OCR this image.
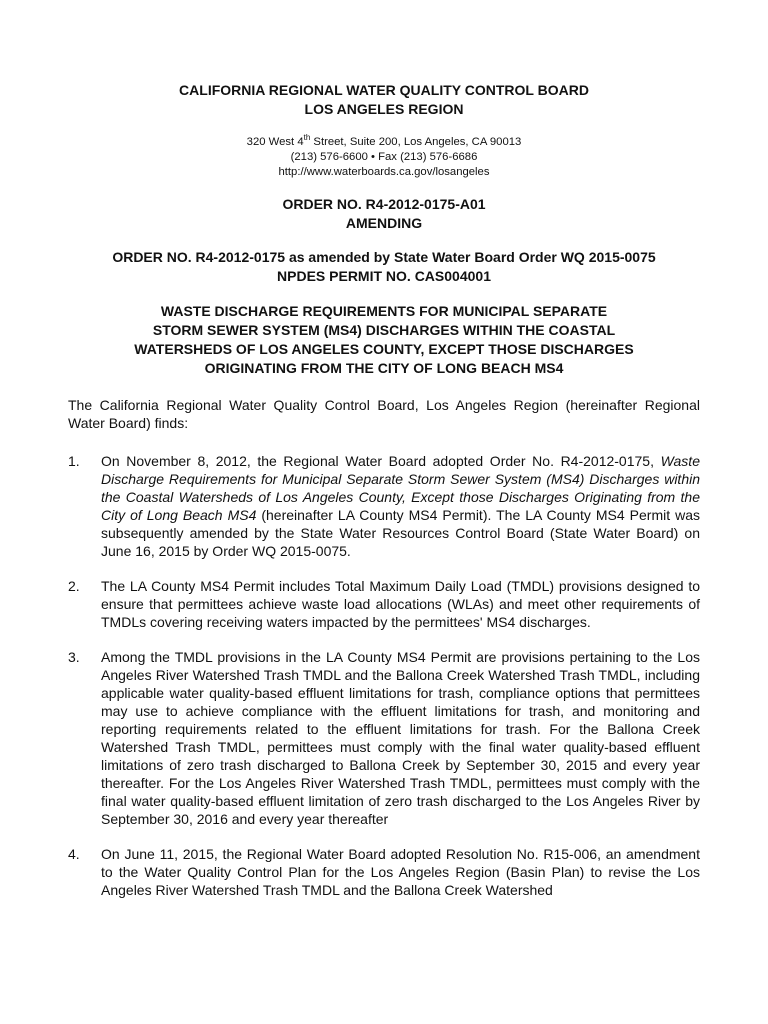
CALIFORNIA REGIONAL WATER QUALITY CONTROL BOARD
LOS ANGELES REGION
320 West 4th Street, Suite 200, Los Angeles, CA 90013
(213) 576-6600 • Fax (213) 576-6686
http://www.waterboards.ca.gov/losangeles
ORDER NO. R4-2012-0175-A01
AMENDING
ORDER NO. R4-2012-0175 as amended by State Water Board Order WQ 2015-0075
NPDES PERMIT NO. CAS004001
WASTE DISCHARGE REQUIREMENTS FOR MUNICIPAL SEPARATE
STORM SEWER SYSTEM (MS4) DISCHARGES WITHIN THE COASTAL
WATERSHEDS OF LOS ANGELES COUNTY, EXCEPT THOSE DISCHARGES
ORIGINATING FROM THE CITY OF LONG BEACH MS4
The California Regional Water Quality Control Board, Los Angeles Region (hereinafter Regional Water Board) finds:
1. On November 8, 2012, the Regional Water Board adopted Order No. R4-2012-0175, Waste Discharge Requirements for Municipal Separate Storm Sewer System (MS4) Discharges within the Coastal Watersheds of Los Angeles County, Except those Discharges Originating from the City of Long Beach MS4 (hereinafter LA County MS4 Permit). The LA County MS4 Permit was subsequently amended by the State Water Resources Control Board (State Water Board) on June 16, 2015 by Order WQ 2015-0075.
2. The LA County MS4 Permit includes Total Maximum Daily Load (TMDL) provisions designed to ensure that permittees achieve waste load allocations (WLAs) and meet other requirements of TMDLs covering receiving waters impacted by the permittees' MS4 discharges.
3. Among the TMDL provisions in the LA County MS4 Permit are provisions pertaining to the Los Angeles River Watershed Trash TMDL and the Ballona Creek Watershed Trash TMDL, including applicable water quality-based effluent limitations for trash, compliance options that permittees may use to achieve compliance with the effluent limitations for trash, and monitoring and reporting requirements related to the effluent limitations for trash. For the Ballona Creek Watershed Trash TMDL, permittees must comply with the final water quality-based effluent limitations of zero trash discharged to Ballona Creek by September 30, 2015 and every year thereafter. For the Los Angeles River Watershed Trash TMDL, permittees must comply with the final water quality-based effluent limitation of zero trash discharged to the Los Angeles River by September 30, 2016 and every year thereafter
4. On June 11, 2015, the Regional Water Board adopted Resolution No. R15-006, an amendment to the Water Quality Control Plan for the Los Angeles Region (Basin Plan) to revise the Los Angeles River Watershed Trash TMDL and the Ballona Creek Watershed
